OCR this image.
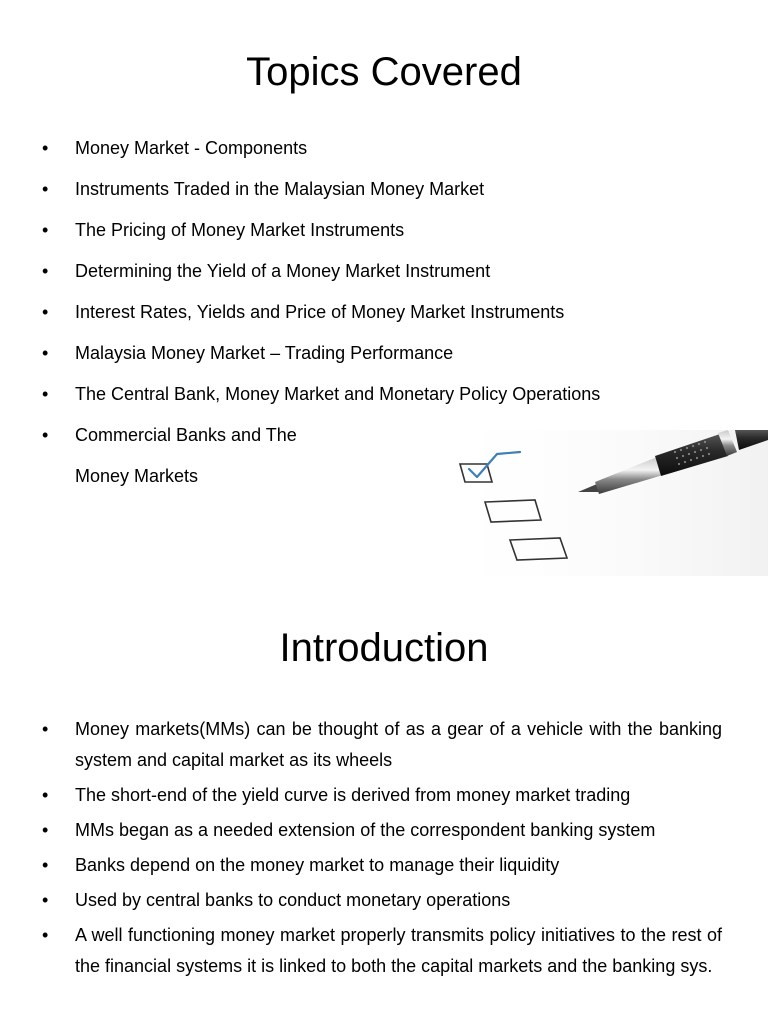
Topics Covered
•	Money Market - Components
•	Instruments Traded in the Malaysian Money Market
•	The Pricing of Money Market Instruments
•	Determining the Yield of a Money Market Instrument
•	Interest Rates, Yields and Price of Money Market Instruments
•	Malaysia Money Market – Trading Performance
•	The Central Bank, Money Market and Monetary Policy Operations
•	Commercial Banks and The
Money Markets
Introduction
•	Money markets(MMs) can be thought of as a gear of a vehicle with the banking system and capital market as its wheels
•	The short-end of the yield curve is derived from money market trading
•	MMs began as a needed extension of the correspondent banking system
•	Banks depend on the money market to manage their liquidity
•	Used by central banks to conduct monetary operations
•	A well functioning money market properly transmits policy initiatives to the rest of the financial systems it is linked to both the capital markets and the banking sys.
